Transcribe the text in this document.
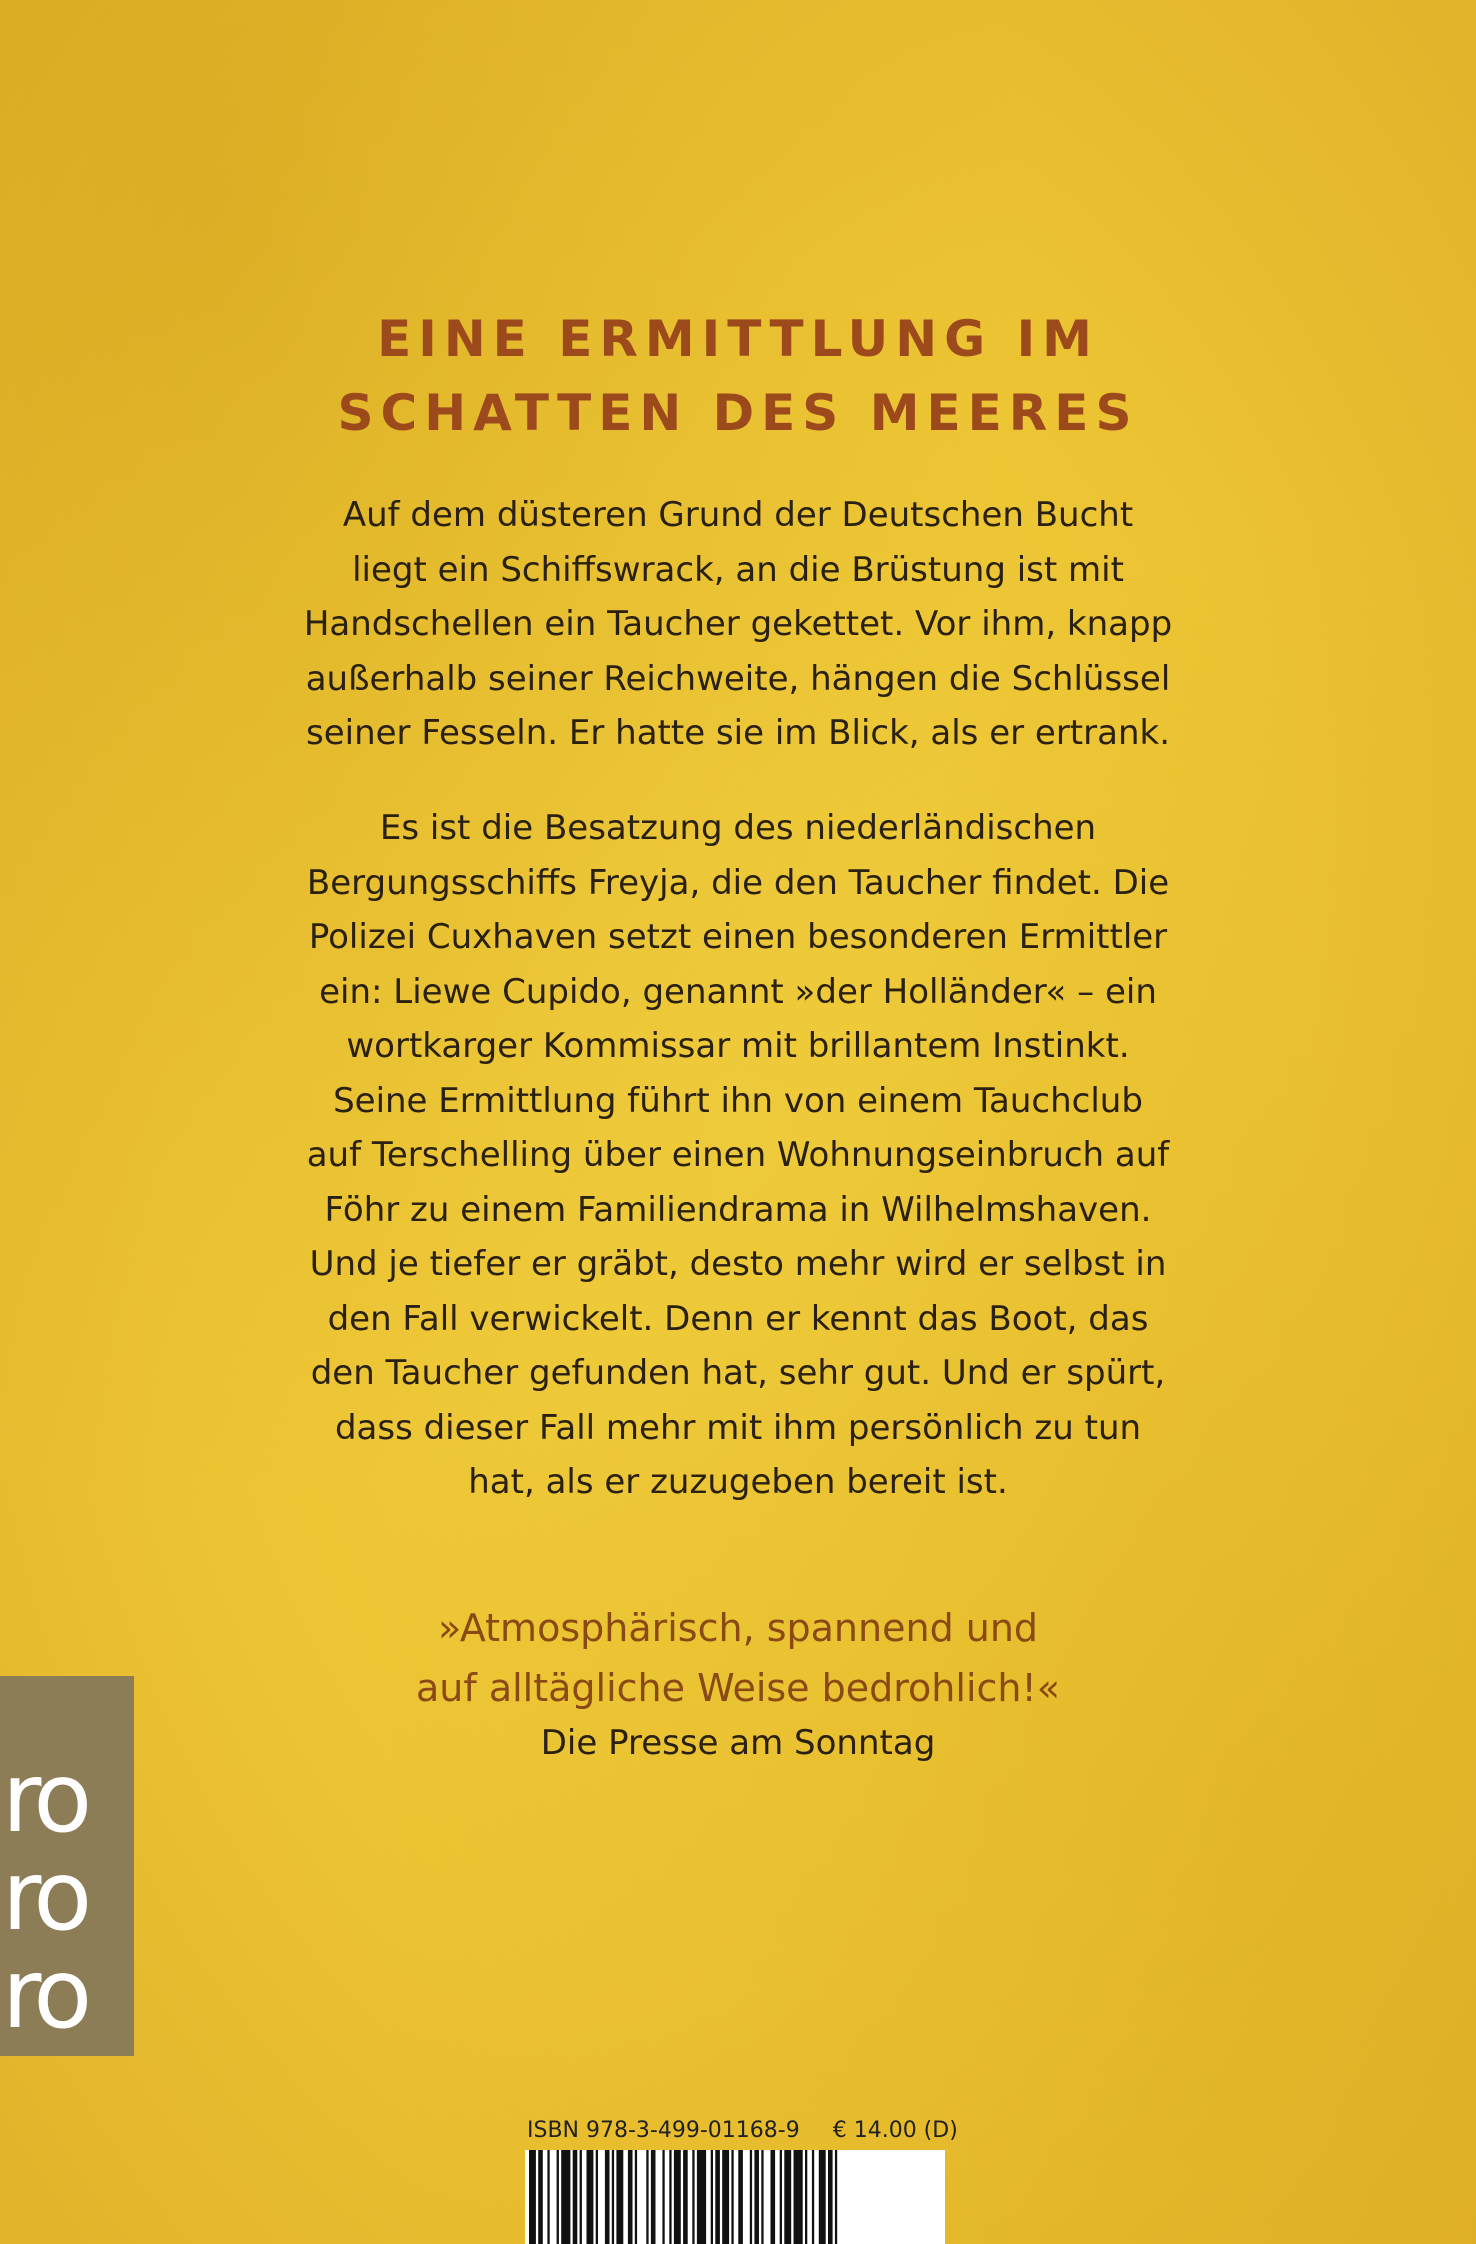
EINE ERMITTLUNG IM
SCHATTEN DES MEERES
Auf dem düsteren Grund der Deutschen Bucht
liegt ein Schiffswrack, an die Brüstung ist mit
Handschellen ein Taucher gekettet. Vor ihm, knapp
außerhalb seiner Reichweite, hängen die Schlüssel
seiner Fesseln. Er hatte sie im Blick, als er ertrank.
Es ist die Besatzung des niederländischen
Bergungsschiffs Freyja, die den Taucher findet. Die
Polizei Cuxhaven setzt einen besonderen Ermittler
ein: Liewe Cupido, genannt »der Holländer« – ein
wortkarger Kommissar mit brillantem Instinkt.
Seine Ermittlung führt ihn von einem Tauchclub
auf Terschelling über einen Wohnungseinbruch auf
Föhr zu einem Familiendrama in Wilhelmshaven.
Und je tiefer er gräbt, desto mehr wird er selbst in
den Fall verwickelt. Denn er kennt das Boot, das
den Taucher gefunden hat, sehr gut. Und er spürt,
dass dieser Fall mehr mit ihm persönlich zu tun
hat, als er zuzugeben bereit ist.
»Atmosphärisch, spannend und
auf alltägliche Weise bedrohlich!«
Die Presse am Sonntag
ro
ro
ro
ISBN 978-3-499-01168-9 € 14.00 (D)
